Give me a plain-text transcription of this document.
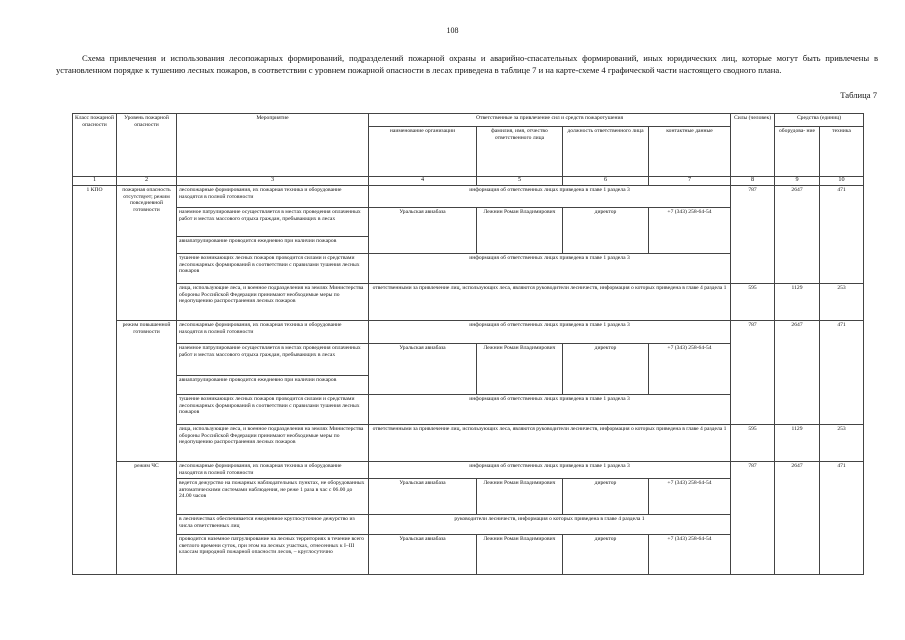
108
Схема привлечения и использования лесопожарных формирований, подразделений пожарной охраны и аварийно-спасательных формирований, иных юридических лиц, которые могут быть привлечены в установленном порядке к тушению лесных пожаров, в соответствии с уровнем пожарной опасности в лесах приведена в таблице 7 и на карте-схеме 4 графической части настоящего сводного плана.
Таблица 7
Класс пожарной опасности	Уровень пожарной опасности	Мероприятие	Ответственные за привлечение сил и средств пожаротушения				Силы (человек)	Средства (единиц)	
			наименование организации	фамилия, имя, отчество ответственного лица	должность ответственного лица	контактные данные		оборудова- ние	техника
1	2	3	4	5	6	7	8	9	10
1 КПО	пожарная опасность отсутствует; режим повседневной готовности	лесопожарные формирования, их пожарная техника и оборудование находятся в полной готовности	информация об ответственных лицах приведена в главе 1 раздела 3				787	2647	471
		наземное патрулирование осуществляется в местах проведения оплаченных работ и местах массового отдыха граждан, пребывающих в лесах	Уральская авиабаза	Лежнин Роман Владимирович	директор	+7 (343) 258-64-54			
		авиапатрулирование проводится ежедневно при наличии пожаров							
		тушение возникающих лесных пожаров проводится силами и средствами лесопожарных формирований в соответствии с правилами тушения лесных пожаров	информация об ответственных лицах приведена в главе 1 раздела 3						
		лица, использующие леса, и военное подразделения на землях Министерства обороны Российской Федерации принимают необходимые меры по недопущению распространения лесных пожаров	ответственными за привлечение лиц, использующих леса, являются руководители лесничеств, информация о которых приведена в главе 4 раздела 1				595	1129	253
	режим повышенной готовности	лесопожарные формирования, их пожарная техника и оборудование находятся в полной готовности	информация об ответственных лицах приведена в главе 1 раздела 3				787	2647	471
		наземное патрулирование осуществляется в местах проведения оплаченных работ и местах массового отдыха граждан, пребывающих в лесах	Уральская авиабаза	Лежнин Роман Владимирович	директор	+7 (343) 258-64-54			
		авиапатрулирование проводится ежедневно при наличии пожаров							
		тушение возникающих лесных пожаров проводится силами и средствами лесопожарных формирований в соответствии с правилами тушения лесных пожаров	информация об ответственных лицах приведена в главе 1 раздела 3						
		лица, использующие леса, и военное подразделения на землях Министерства обороны Российской Федерации принимают необходимые меры по недопущению распространения лесных пожаров	ответственными за привлечение лиц, использующих леса, являются руководители лесничеств, информация о которых приведена в главе 4 раздела 1				595	1129	253
	режим ЧС	лесопожарные формирования, их пожарная техника и оборудование находятся в полной готовности	информация об ответственных лицах приведена в главе 1 раздела 3				787	2647	471
		ведется дежурство на пожарных наблюдательных пунктах, не оборудованных автоматическими системами наблюдения, не реже 1 раза в час с 06.00 до 24.00 часов	Уральская авиабаза	Лежнин Роман Владимирович	директор	+7 (343) 258-64-54			
		в лесничествах обеспечивается ежедневное круглосуточное дежурство из числа ответственных лиц	руководители лесничеств, информация о которых приведена в главе 4 раздела 1						
		проводится наземное патрулирование на лесных территориях в течение всего светлого времени суток, при этом на лесных участках, отнесенных к I–III классам природной пожарной опасности лесов, – круглосуточно	Уральская авиабаза	Лежнин Роман Владимирович	директор	+7 (343) 258-64-54			
